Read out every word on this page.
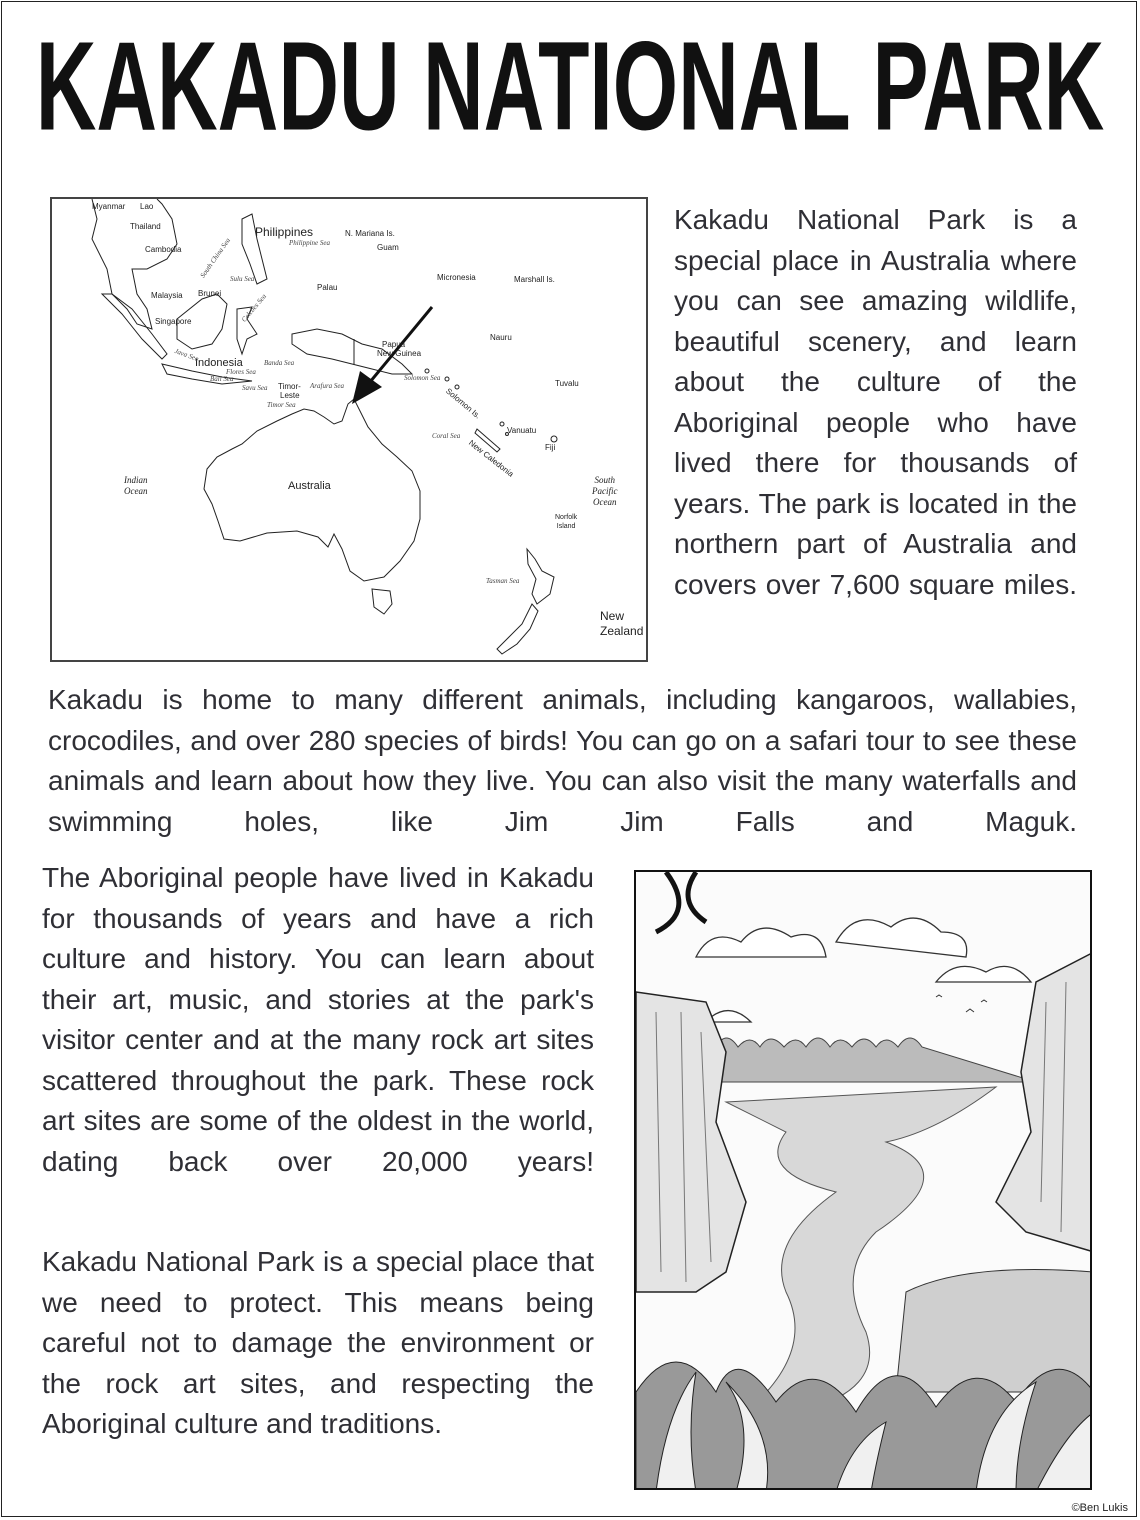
KAKADU NATIONAL PARK
Myanmar Lao
Thailand
Cambodia
Philippines
Philippine Sea
N. Mariana Is.
Guam
South China Sea
Sulu Sea
Malaysia Brunei	Celebes Sea
Singapore
Palau
Micronesia	Marshall Is.
Nauru
Papua
New Guinea
Indonesia	Banda Sea
Flores Sea
Java Sea
Bali Sea
Savu Sea Timor-
Leste
Timor Sea
Arafura Sea
Solomon Sea
Solomon Is.
Tuvalu
Coral Sea
Vanuatu
Fiji
New Caledonia
Indian
Ocean	Australia	South
Pacific
Ocean
Norfolk
Island
Tasman Sea
New
Zealand

Kakadu National Park is a special place in Australia where you can see amazing wildlife, beautiful scenery, and learn about the culture of the Aboriginal people who have lived there for thousands of years. The park is located in the northern part of Australia and covers over 7,600 square miles.

Kakadu is home to many different animals, including kangaroos, wallabies, crocodiles, and over 280 species of birds! You can go on a safari tour to see these animals and learn about how they live. You can also visit the many waterfalls and swimming holes, like Jim Jim Falls and Maguk.

The Aboriginal people have lived in Kakadu for thousands of years and have a rich culture and history. You can learn about their art, music, and stories at the park's visitor center and at the many rock art sites scattered throughout the park. These rock art sites are some of the oldest in the world, dating back over 20,000 years!

Kakadu National Park is a special place that we need to protect. This means being careful not to damage the environment or the rock art sites, and respecting the Aboriginal culture and traditions.

©Ben Lukis
